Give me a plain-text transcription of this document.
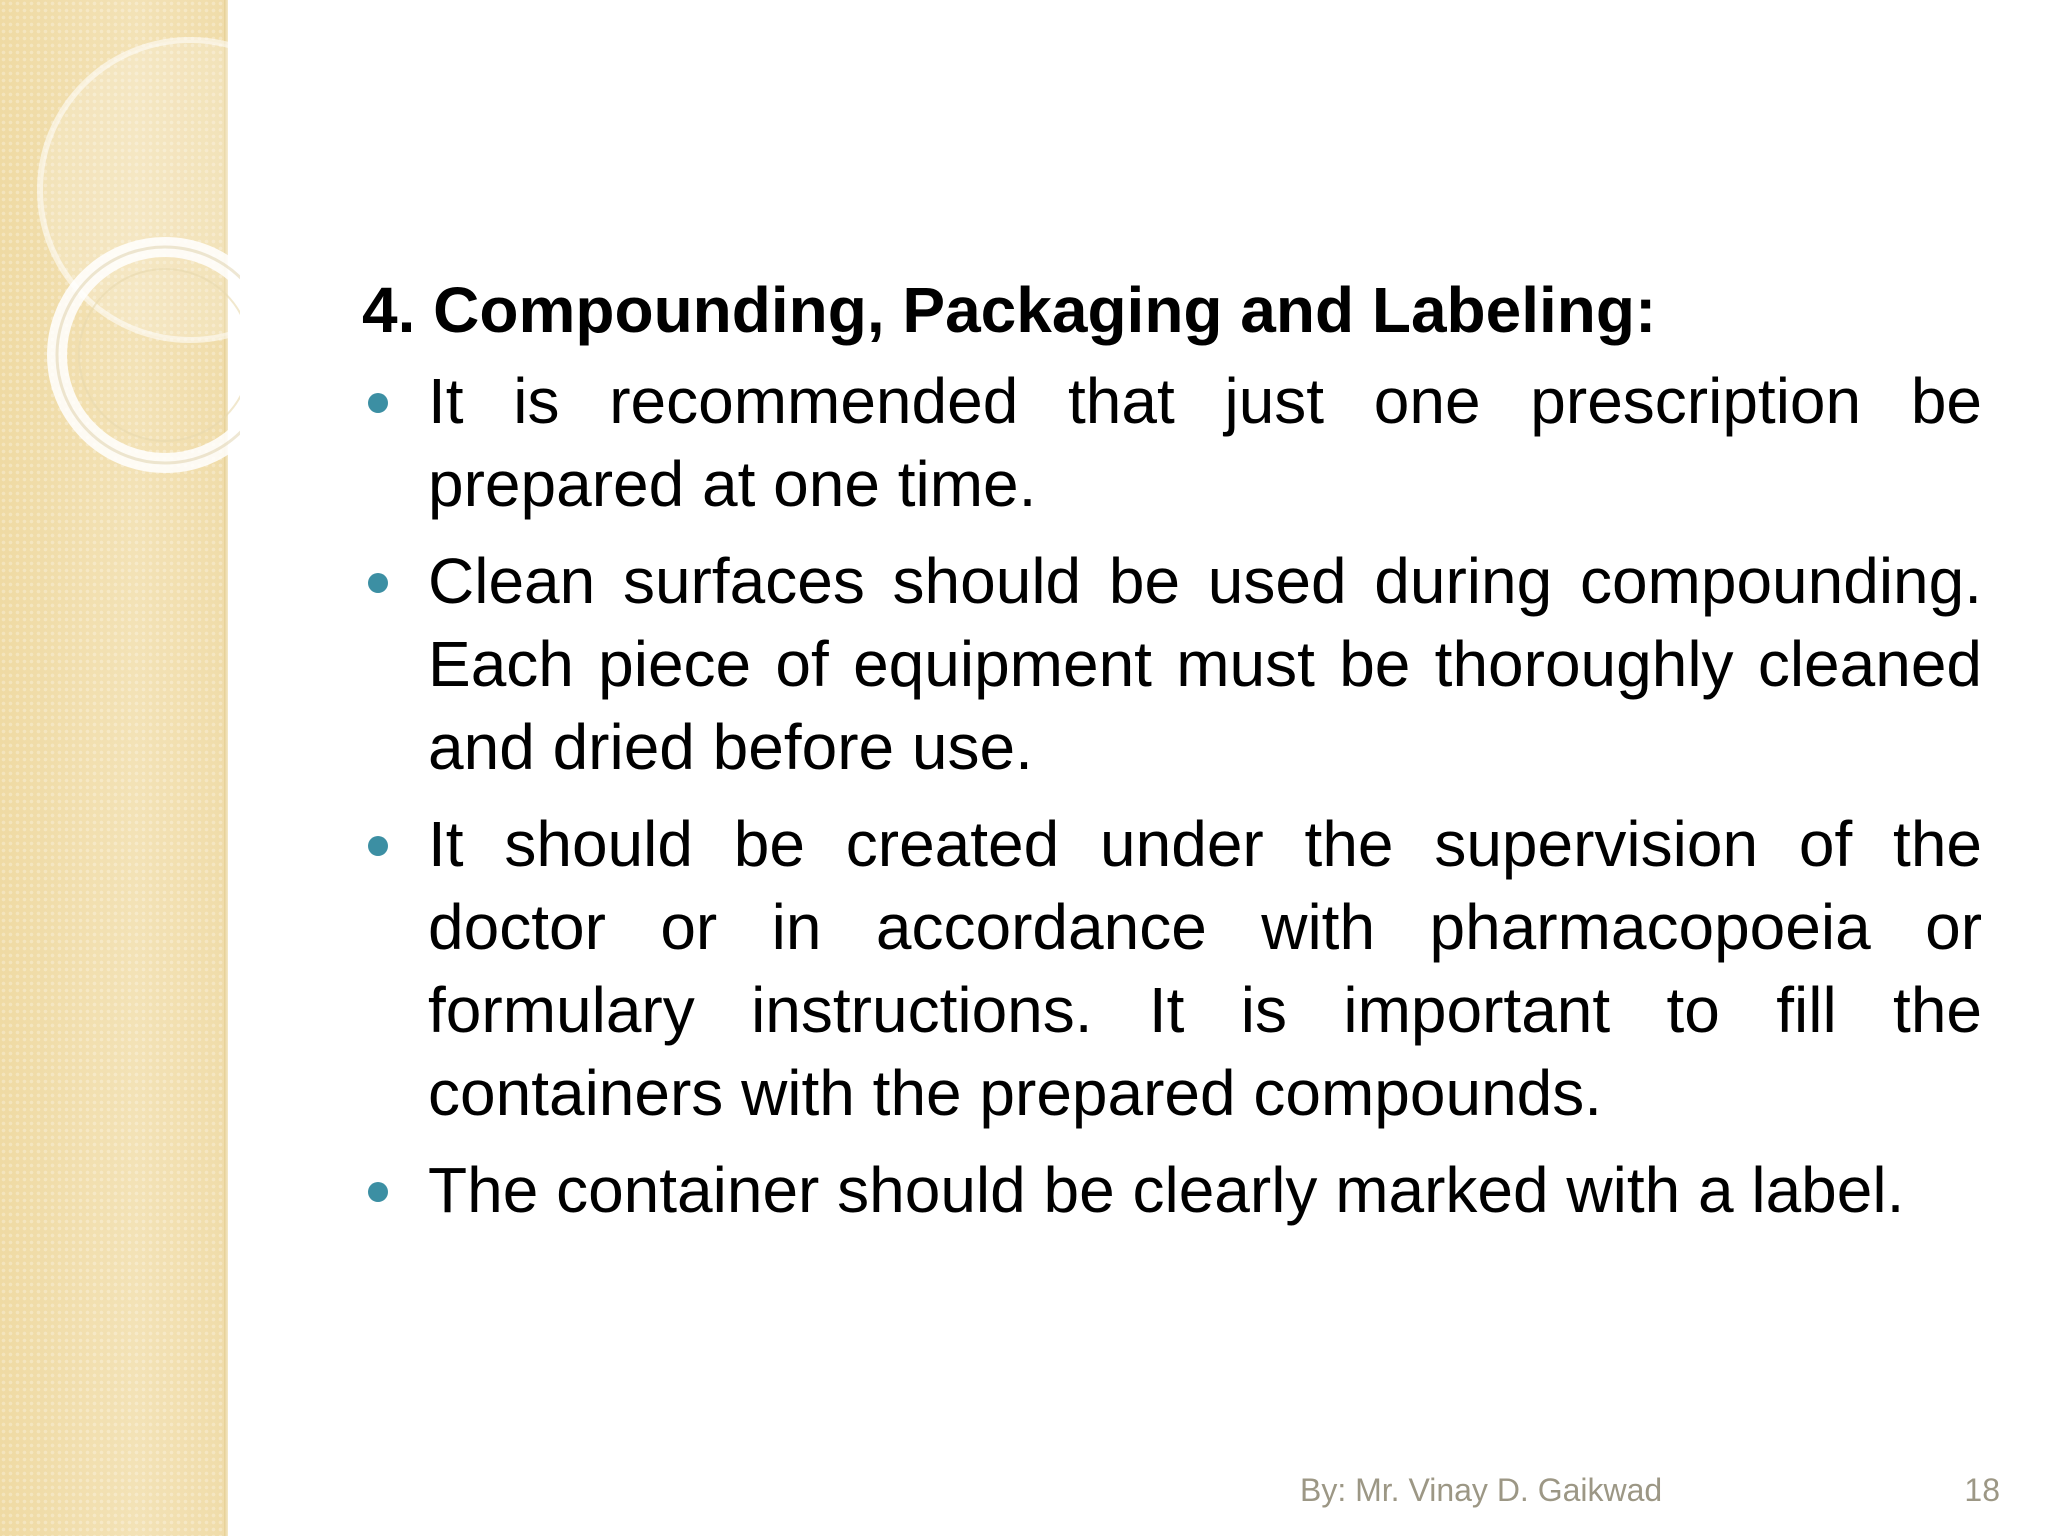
4. Compounding, Packaging and Labeling:
It is recommended that just one prescription be prepared at one time.
Clean surfaces should be used during compounding. Each piece of equipment must be thoroughly cleaned and dried before use.
It should be created under the supervision of the doctor or in accordance with pharmacopoeia or formulary instructions. It is important to fill the containers with the prepared compounds.
The container should be clearly marked with a label.
By: Mr. Vinay D. Gaikwad	18
